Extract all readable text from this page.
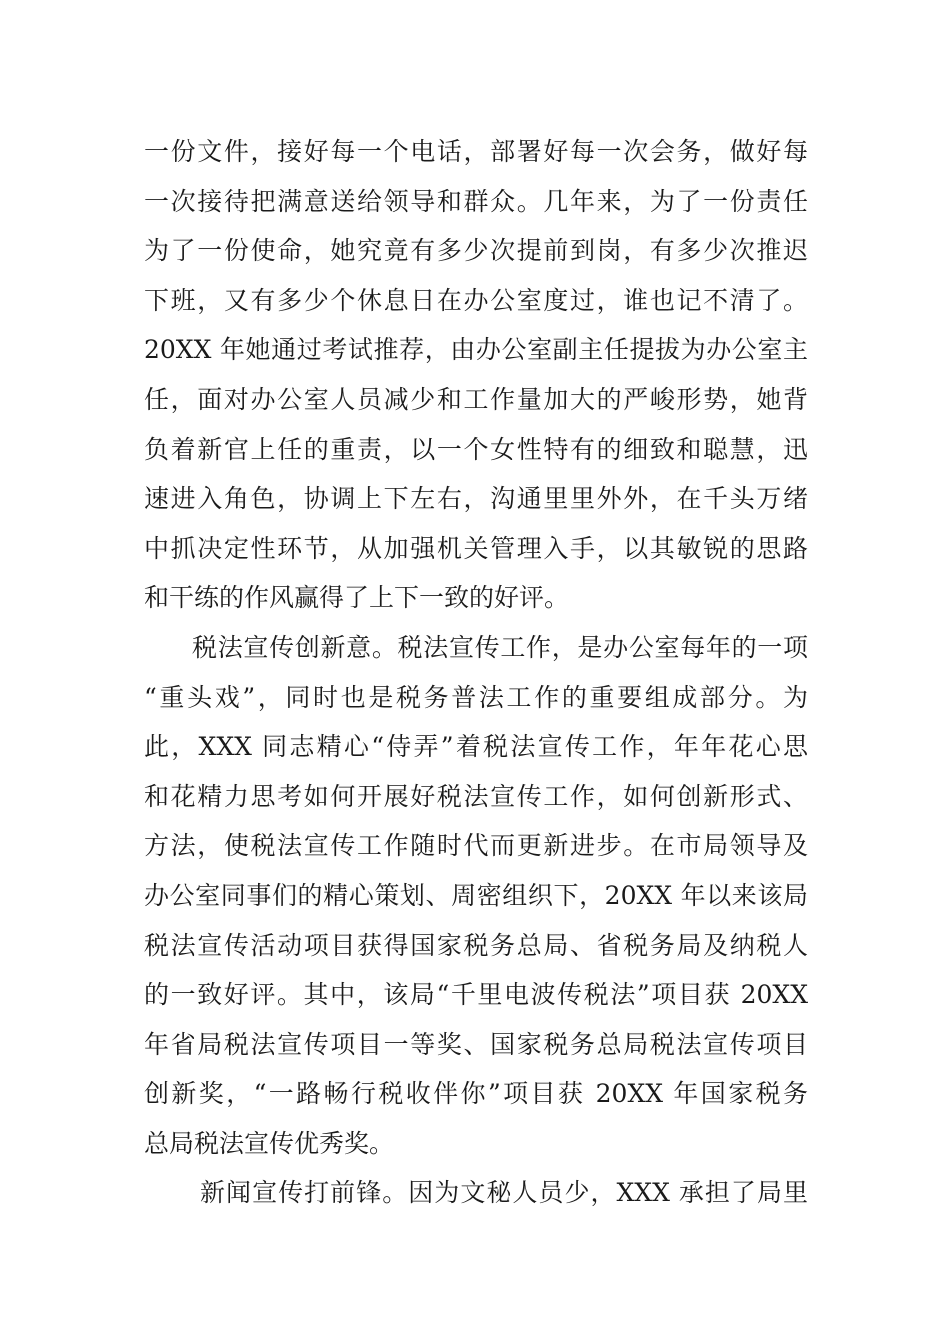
一份文件，接好每一个电话，部署好每一次会务，做好每
一次接待把满意送给领导和群众。几年来，为了一份责任
为了一份使命，她究竟有多少次提前到岗，有多少次推迟
下班，又有多少个休息日在办公室度过，谁也记不清了。
20XX 年她通过考试推荐，由办公室副主任提拔为办公室主
任，面对办公室人员减少和工作量加大的严峻形势，她背
负着新官上任的重责，以一个女性特有的细致和聪慧，迅
速进入角色，协调上下左右，沟通里里外外，在千头万绪
中抓决定性环节，从加强机关管理入手，以其敏锐的思路
和干练的作风赢得了上下一致的好评。
税法宣传创新意。税法宣传工作，是办公室每年的一项
“重头戏”，同时也是税务普法工作的重要组成部分。为
此，XXX 同志精心“侍弄”着税法宣传工作，年年花心思
和花精力思考如何开展好税法宣传工作，如何创新形式、
方法，使税法宣传工作随时代而更新进步。在市局领导及
办公室同事们的精心策划、周密组织下，20XX 年以来该局
税法宣传活动项目获得国家税务总局、省税务局及纳税人
的一致好评。其中，该局“千里电波传税法”项目获 20XX
年省局税法宣传项目一等奖、国家税务总局税法宣传项目
创新奖，“一路畅行税收伴你”项目获 20XX 年国家税务
总局税法宣传优秀奖。
新闻宣传打前锋。因为文秘人员少，XXX 承担了局里
